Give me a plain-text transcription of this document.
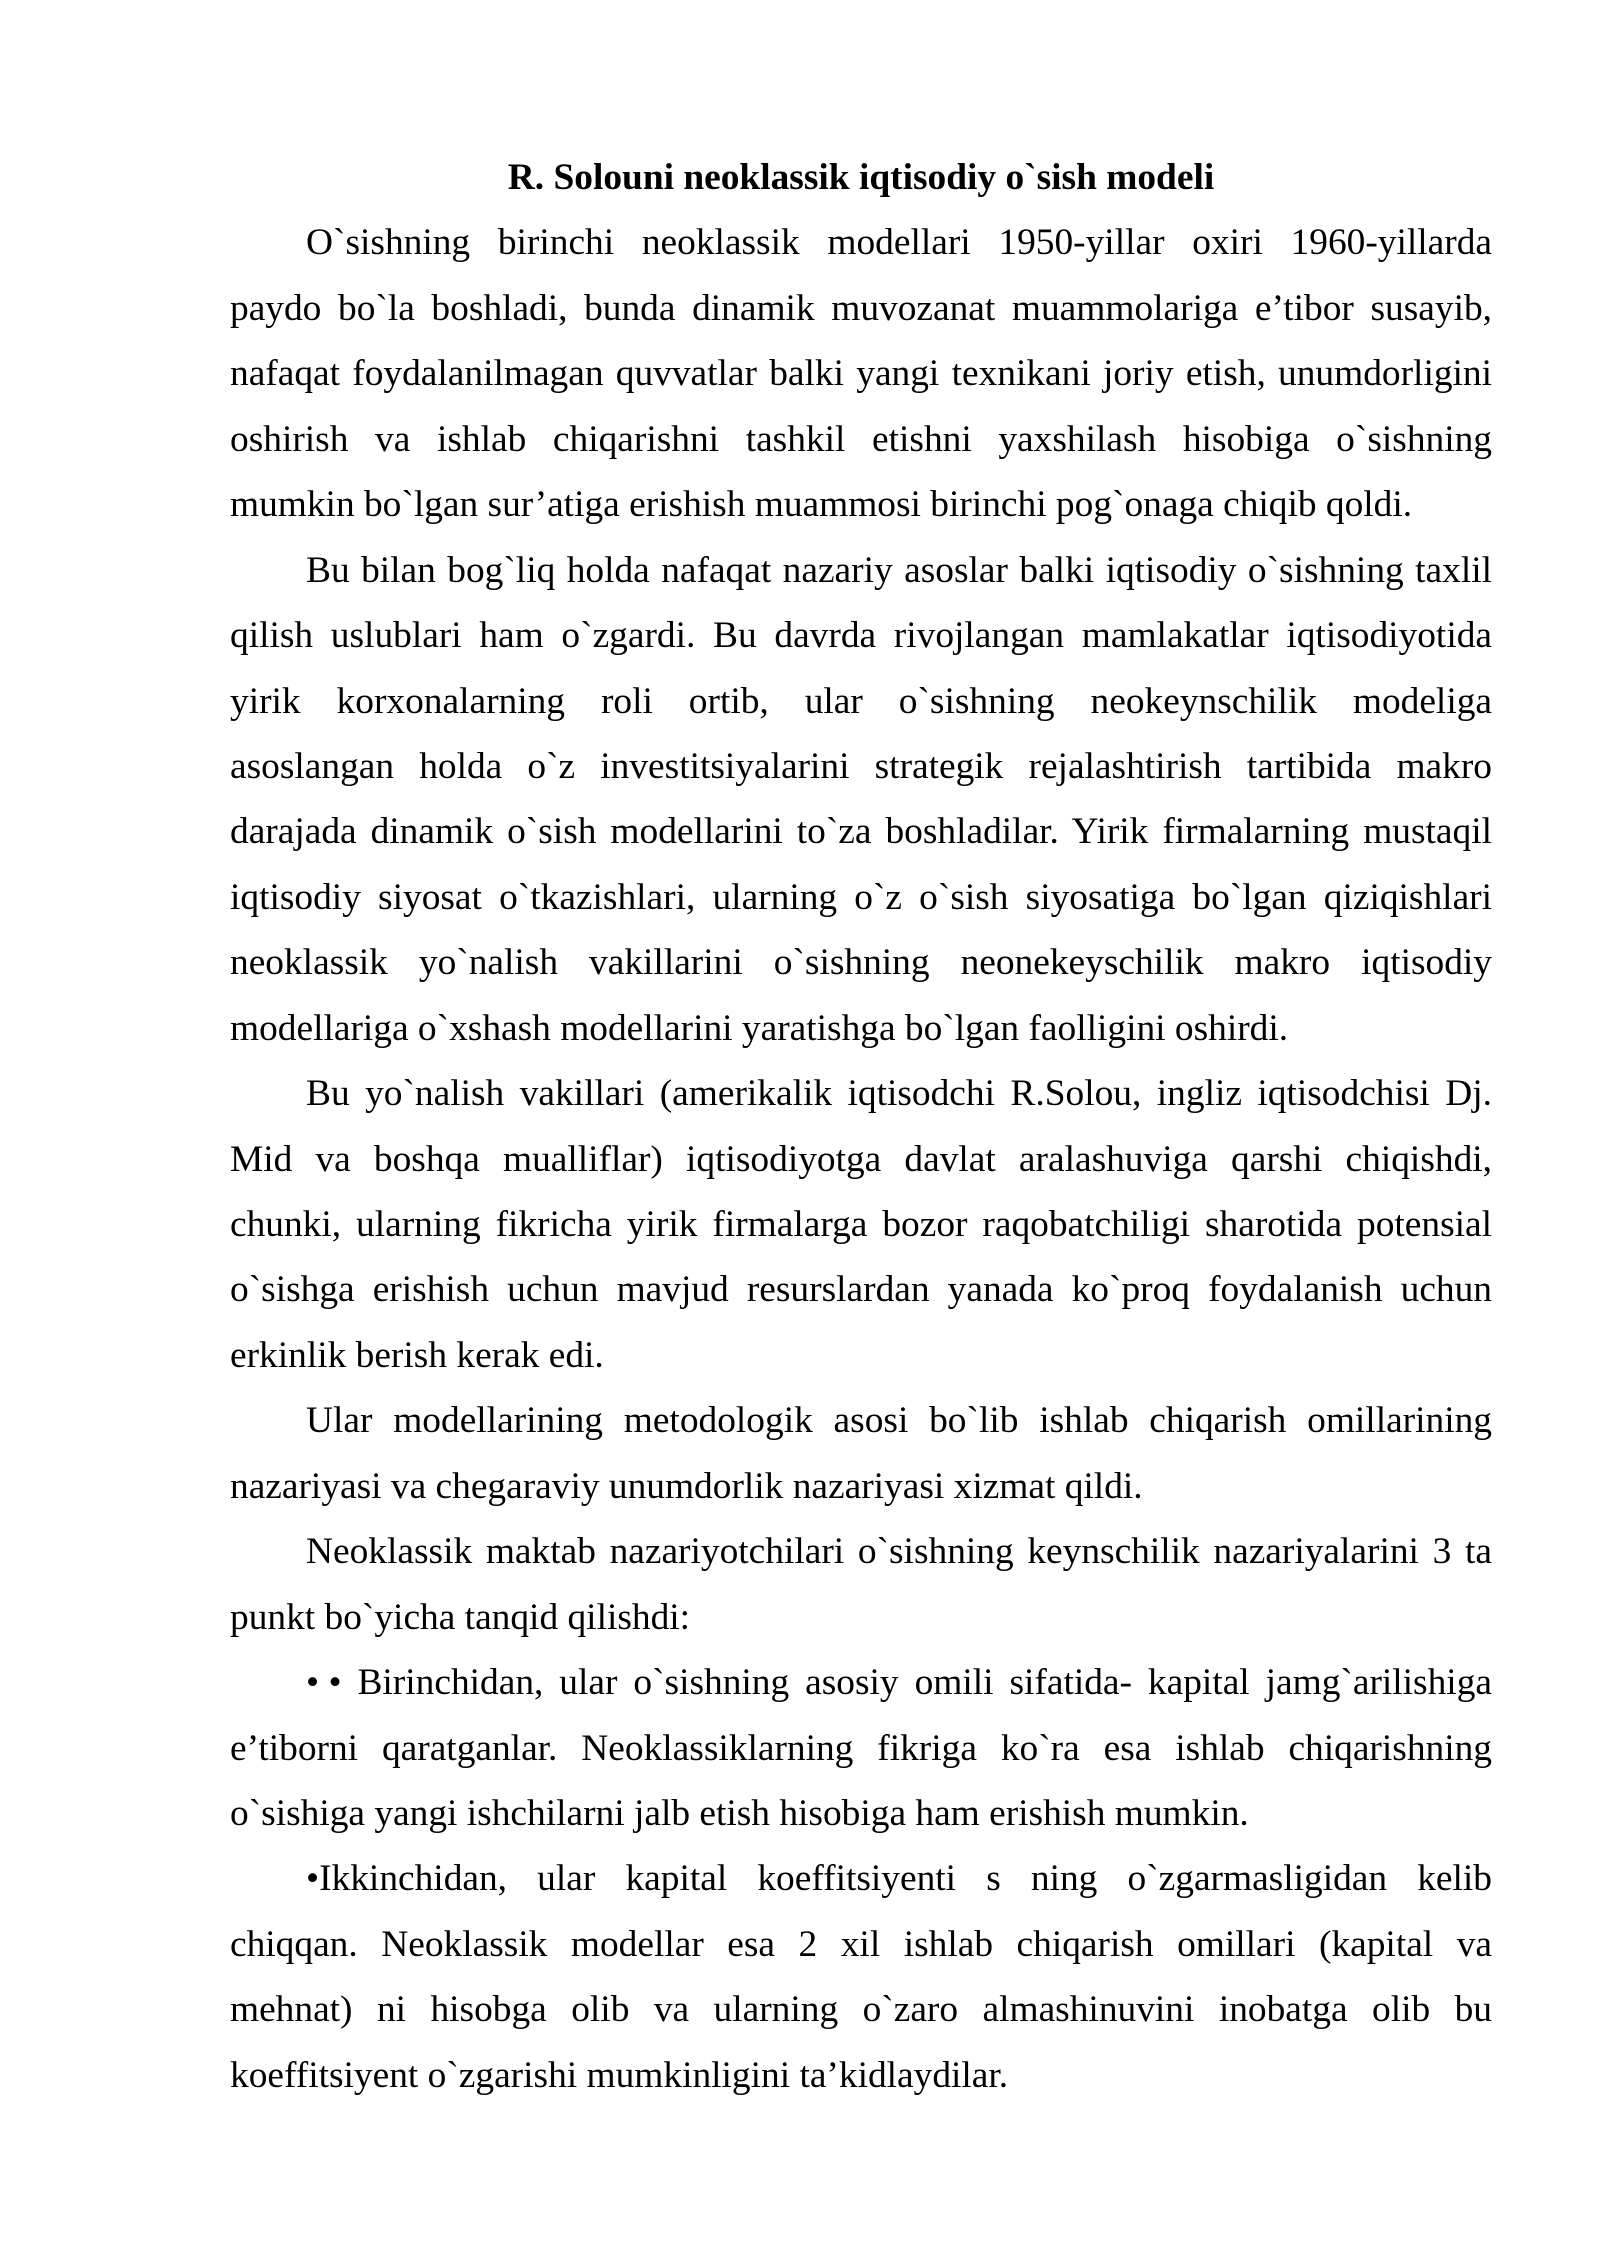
R. Solouni neoklassik iqtisodiy o`sish modeli
O`sishning birinchi neoklassik modellari 1950-yillar oxiri 1960-yillarda
paydo bo`la boshladi, bunda dinamik muvozanat muammolariga e’tibor susayib,
nafaqat foydalanilmagan quvvatlar balki yangi texnikani joriy etish, unumdorligini
oshirish va ishlab chiqarishni tashkil etishni yaxshilash hisobiga o`sishning
mumkin bo`lgan sur’atiga erishish muammosi birinchi pog`onaga chiqib qoldi.
Bu bilan bog`liq holda nafaqat nazariy asoslar balki iqtisodiy o`sishning taxlil
qilish uslublari ham o`zgardi. Bu davrda rivojlangan mamlakatlar iqtisodiyotida
yirik korxonalarning roli ortib, ular o`sishning neokeynschilik modeliga
asoslangan holda o`z investitsiyalarini strategik rejalashtirish tartibida makro
darajada dinamik o`sish modellarini to`za boshladilar. Yirik firmalarning mustaqil
iqtisodiy siyosat o`tkazishlari, ularning o`z o`sish siyosatiga bo`lgan qiziqishlari
neoklassik yo`nalish vakillarini o`sishning neonekeyschilik makro iqtisodiy
modellariga o`xshash modellarini yaratishga bo`lgan faolligini oshirdi.
Bu yo`nalish vakillari (amerikalik iqtisodchi R.Solou, ingliz iqtisodchisi Dj.
Mid va boshqa mualliflar) iqtisodiyotga davlat aralashuviga qarshi chiqishdi,
chunki, ularning fikricha yirik firmalarga bozor raqobatchiligi sharotida potensial
o`sishga erishish uchun mavjud resurslardan yanada ko`proq foydalanish uchun
erkinlik berish kerak edi.
Ular modellarining metodologik asosi bo`lib ishlab chiqarish omillarining
nazariyasi va chegaraviy unumdorlik nazariyasi xizmat qildi.
Neoklassik maktab nazariyotchilari o`sishning keynschilik nazariyalarini 3 ta
punkt bo`yicha tanqid qilishdi:
• • Birinchidan, ular o`sishning asosiy omili sifatida- kapital jamg`arilishiga
e’tiborni qaratganlar. Neoklassiklarning fikriga ko`ra esa ishlab chiqarishning
o`sishiga yangi ishchilarni jalb etish hisobiga ham erishish mumkin.
•Ikkinchidan, ular kapital koeffitsiyenti s ning o`zgarmasligidan kelib
chiqqan. Neoklassik modellar esa 2 xil ishlab chiqarish omillari (kapital va
mehnat) ni hisobga olib va ularning o`zaro almashinuvini inobatga olib bu
koeffitsiyent o`zgarishi mumkinligini ta’kidlaydilar.
